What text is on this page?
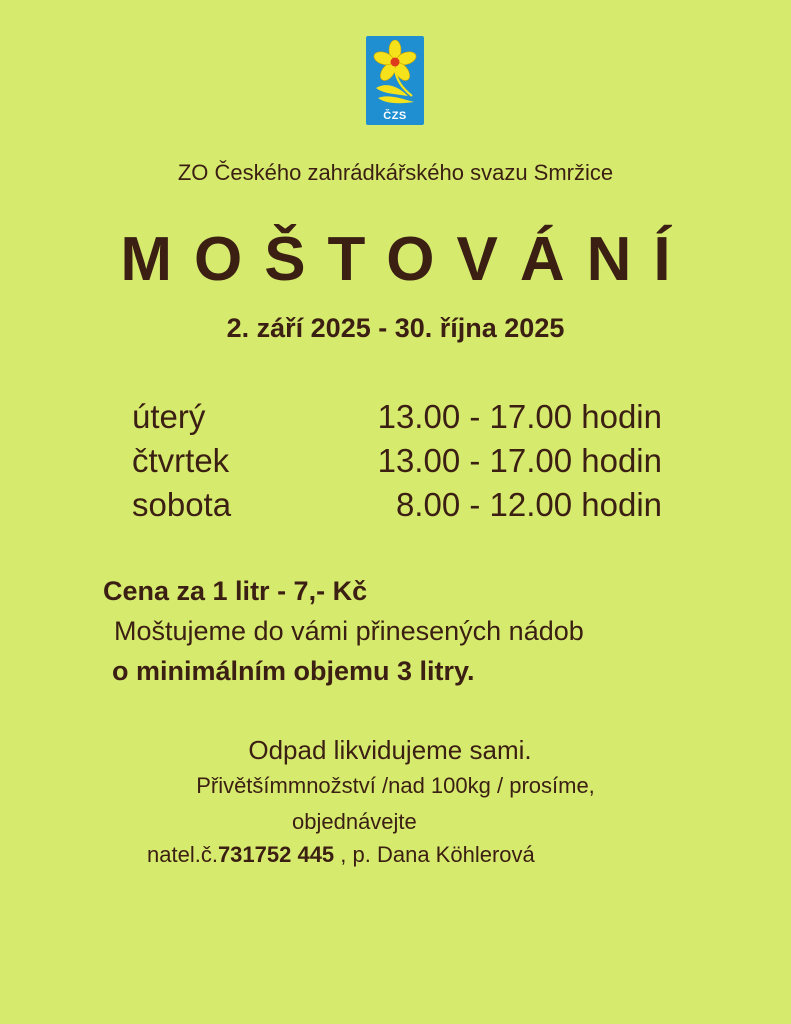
ČZS
ZO Českého zahrádkářského svazu Smržice
MOŠTOVÁNÍ
2. září 2025 - 30. října 2025
úterý	13.00 - 17.00 hodin
čtvrtek	13.00 - 17.00 hodin
sobota	8.00 - 12.00 hodin
Cena za 1 litr - 7,- Kč
Moštujeme do vámi přinesených nádob
o minimálním objemu 3 litry.
Odpad likvidujeme sami.
Přivětšímmnožství /nad 100kg / prosíme,
objednávejte
natel.č.731752 445 , p. Dana Köhlerová
